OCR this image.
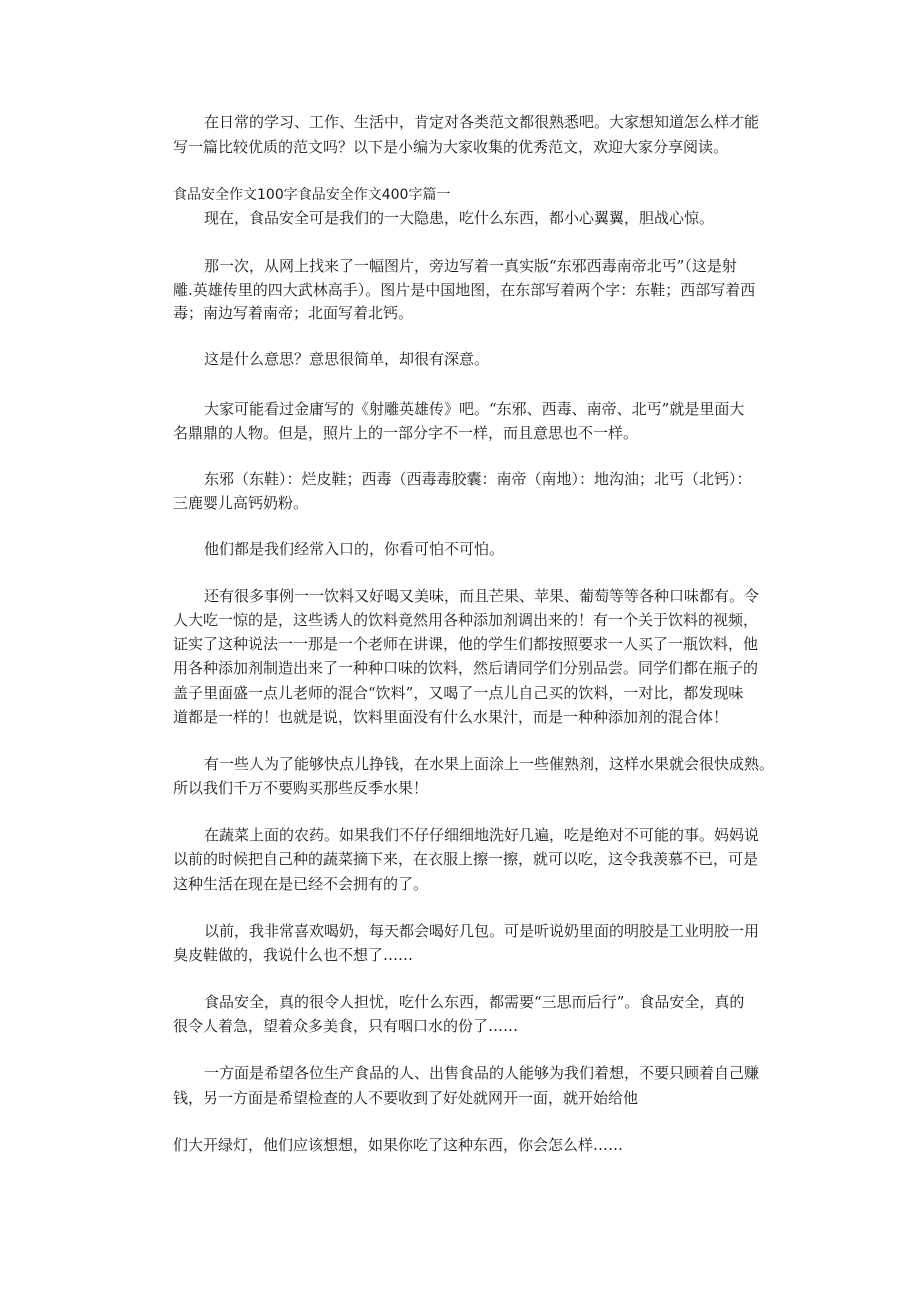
在日常的学习、工作、生活中，肯定对各类范文都很熟悉吧。大家想知道怎么样才能

写一篇比较优质的范文吗？以下是小编为大家收集的优秀范文，欢迎大家分享阅读。

食品安全作文100字食品安全作文400字篇一

现在，食品安全可是我们的一大隐患，吃什么东西，都小心翼翼，胆战心惊。

那一次，从网上找来了一幅图片，旁边写着一真实版“东邪西毒南帝北丐”（这是射

雕.英雄传里的四大武林高手）。图片是中国地图，在东部写着两个字：东鞋；西部写着西

毒；南边写着南帝；北面写着北钙。

这是什么意思？意思很简单，却很有深意。

大家可能看过金庸写的《射雕英雄传》吧。“东邪、西毒、南帝、北丐”就是里面大

名鼎鼎的人物。但是，照片上的一部分字不一样，而且意思也不一样。

东邪（东鞋）：烂皮鞋；西毒（西毒毒胶囊：南帝（南地）：地沟油；北丐（北钙）：

三鹿婴儿高钙奶粉。

他们都是我们经常入口的，你看可怕不可怕。

还有很多事例一一饮料又好喝又美味，而且芒果、苹果、葡萄等等各种口味都有。令

人大吃一惊的是，这些诱人的饮料竟然用各种添加剂调出来的！有一个关于饮料的视频，

证实了这种说法一一那是一个老师在讲课，他的学生们都按照要求一人买了一瓶饮料，他

用各种添加剂制造出来了一种种口味的饮料，然后请同学们分别品尝。同学们都在瓶子的

盖子里面盛一点儿老师的混合“饮料”，又喝了一点儿自己买的饮料，一对比，都发现味

道都是一样的！也就是说，饮料里面没有什么水果汁，而是一种种添加剂的混合体！

有一些人为了能够快点儿挣钱，在水果上面涂上一些催熟剂，这样水果就会很快成熟。

所以我们千万不要购买那些反季水果！

在蔬菜上面的农药。如果我们不仔仔细细地洗好几遍，吃是绝对不可能的事。妈妈说

以前的时候把自己种的蔬菜摘下来，在衣服上擦一擦，就可以吃，这令我羡慕不已，可是

这种生活在现在是已经不会拥有的了。

以前，我非常喜欢喝奶，每天都会喝好几包。可是听说奶里面的明胶是工业明胶一用

臭皮鞋做的，我说什么也不想了……

食品安全，真的很令人担忧，吃什么东西，都需要“三思而后行”。食品安全，真的

很令人着急，望着众多美食，只有咽口水的份了……

一方面是希望各位生产食品的人、出售食品的人能够为我们着想，不要只顾着自己赚

钱，另一方面是希望检查的人不要收到了好处就网开一面，就开始给他

们大开绿灯，他们应该想想，如果你吃了这种东西，你会怎么样……
